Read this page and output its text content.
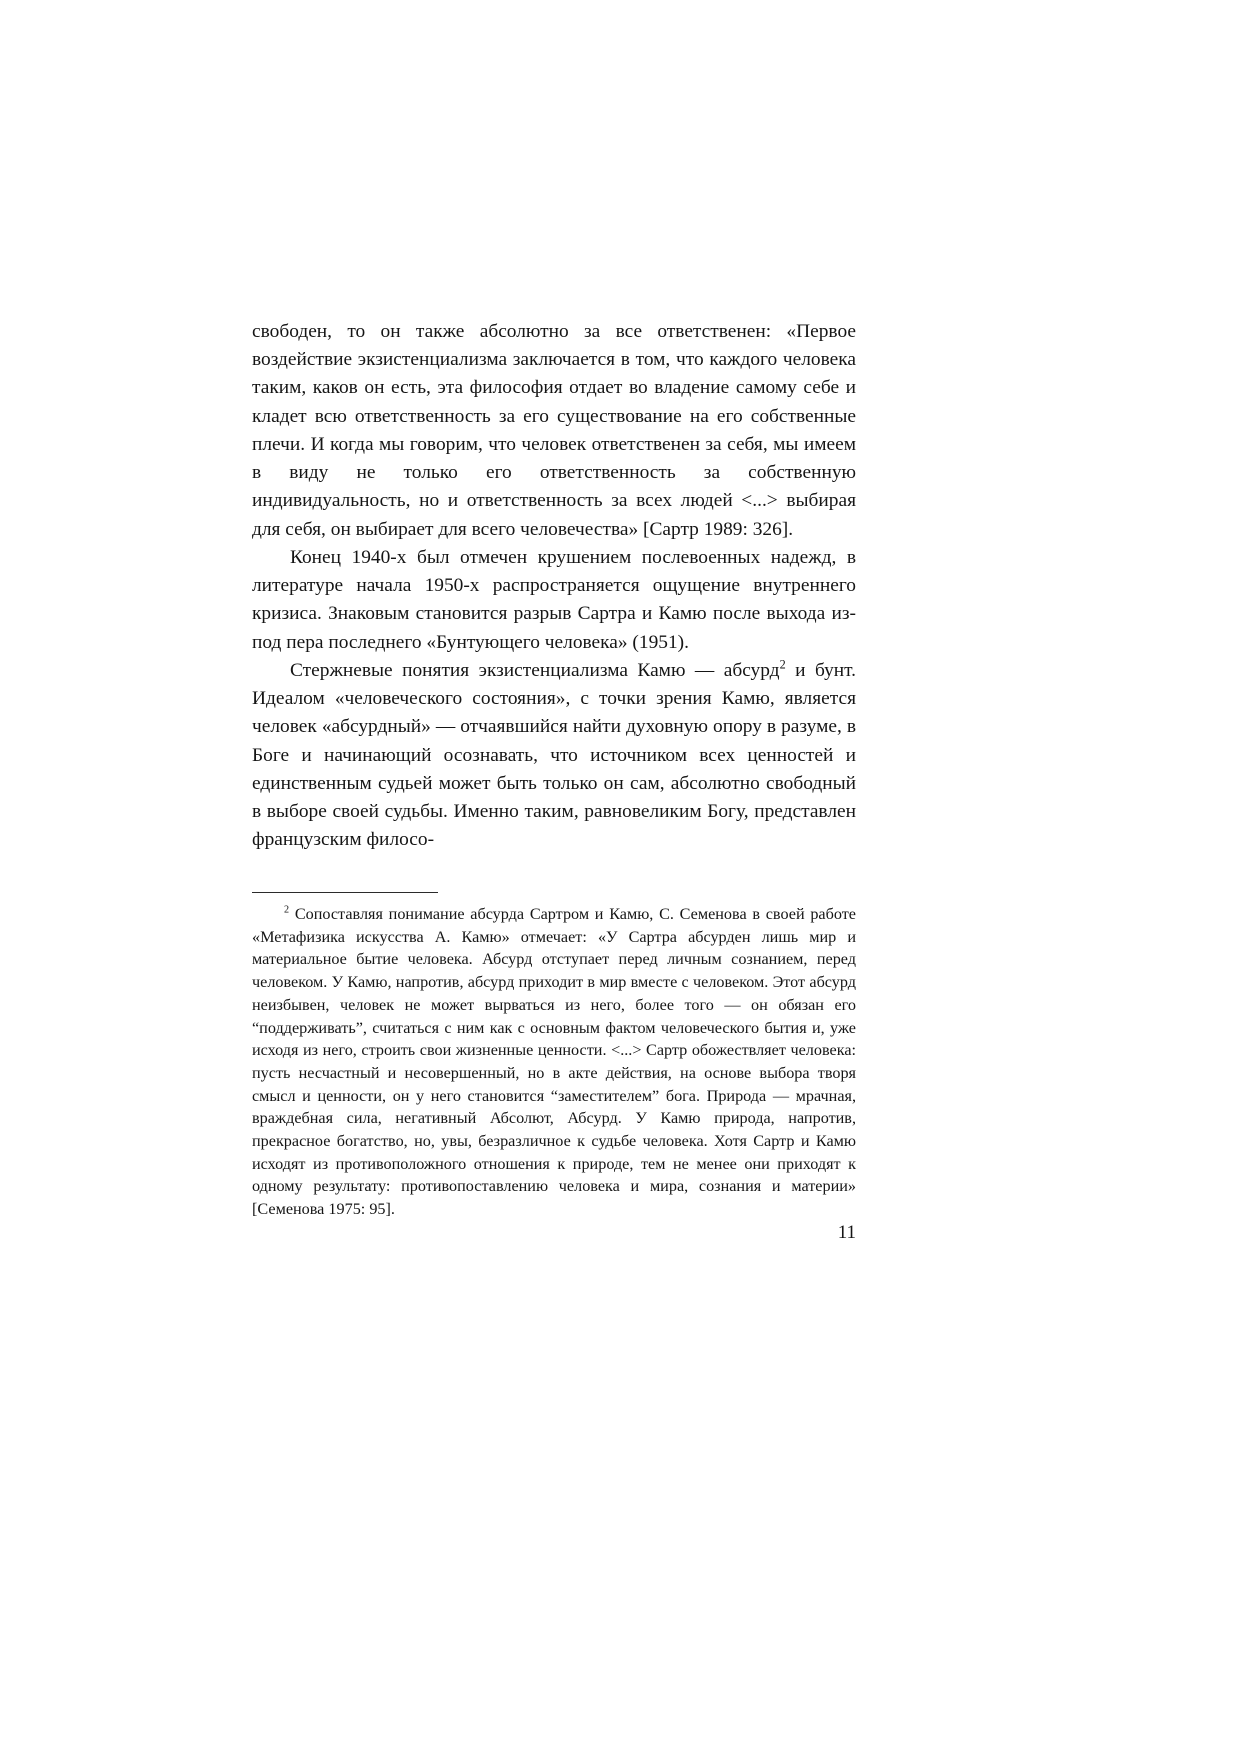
свободен, то он также абсолютно за все ответственен: «Первое воздействие экзистенциализма заключается в том, что каждого человека таким, каков он есть, эта философия отдает во владение самому себе и кладет всю ответственность за его существование на его собственные плечи. И когда мы говорим, что человек ответственен за себя, мы имеем в виду не только его ответственность за собственную индивидуальность, но и ответственность за всех людей <...> выбирая для себя, он выбирает для всего человечества» [Сартр 1989: 326].

Конец 1940-х был отмечен крушением послевоенных надежд, в литературе начала 1950-х распространяется ощущение внутреннего кризиса. Знаковым становится разрыв Сартра и Камю после выхода из-под пера последнего «Бунтующего человека» (1951).

Стержневые понятия экзистенциализма Камю — абсурд$^2$ и бунт. Идеалом «человеческого состояния», с точки зрения Камю, является человек «абсурдный» — отчаявшийся найти духовную опору в разуме, в Боге и начинающий осознавать, что источником всех ценностей и единственным судьей может быть только он сам, абсолютно свободный в выборе своей судьбы. Именно таким, равновеликим Богу, представлен французским филосо-

$^2$ Сопоставляя понимание абсурда Сартром и Камю, С. Семенова в своей работе «Метафизика искусства А. Камю» отмечает: «У Сартра абсурден лишь мир и материальное бытие человека. Абсурд отступает перед личным сознанием, перед человеком. У Камю, напротив, абсурд приходит в мир вместе с человеком. Этот абсурд неизбывен, человек не может вырваться из него, более того — он обязан его “поддерживать”, считаться с ним как с основным фактом человеческого бытия и, уже исходя из него, строить свои жизненные ценности. <...> Сартр обожествляет человека: пусть несчастный и несовершенный, но в акте действия, на основе выбора творя смысл и ценности, он у него становится “заместителем” бога. Природа — мрачная, враждебная сила, негативный Абсолют, Абсурд. У Камю природа, напротив, прекрасное богатство, но, увы, безразличное к судьбе человека. Хотя Сартр и Камю исходят из противоположного отношения к природе, тем не менее они приходят к одному результату: противопоставлению человека и мира, сознания и материи» [Семенова 1975: 95].
11
